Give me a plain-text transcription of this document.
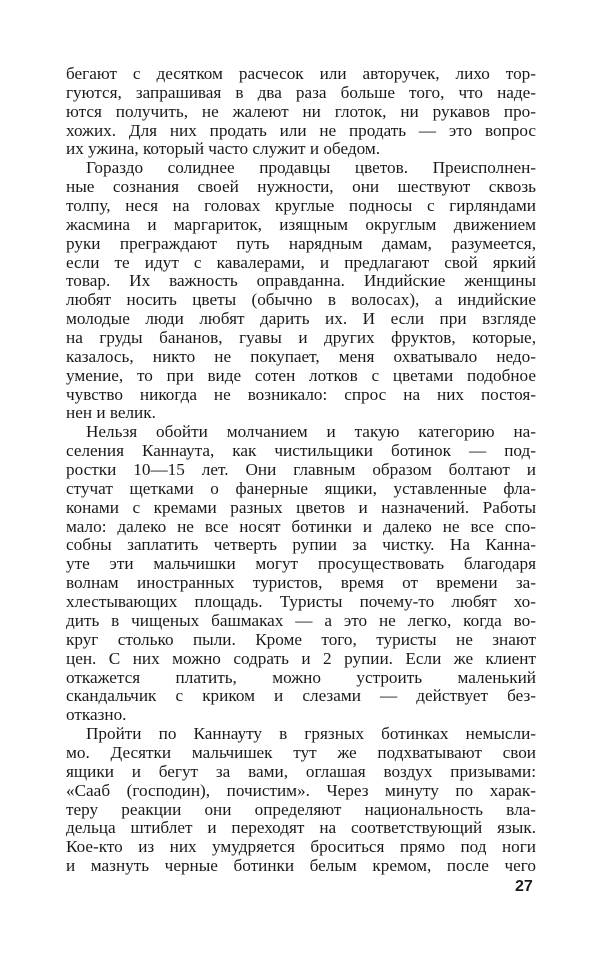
бегают с десятком расчесок или авторучек, лихо тор-
гуются, запрашивая в два раза больше того, что наде-
ются получить, не жалеют ни глоток, ни рукавов про-
хожих. Для них продать или не продать — это вопрос
их ужина, который часто служит и обедом.
Гораздо солиднее продавцы цветов. Преисполнен-
ные сознания своей нужности, они шествуют сквозь
толпу, неся на головах круглые подносы с гирляндами
жасмина и маргариток, изящным округлым движением
руки преграждают путь нарядным дамам, разумеется,
если те идут с кавалерами, и предлагают свой яркий
товар. Их важность оправданна. Индийские женщины
любят носить цветы (обычно в волосах), а индийские
молодые люди любят дарить их. И если при взгляде
на груды бананов, гуавы и других фруктов, которые,
казалось, никто не покупает, меня охватывало недо-
умение, то при виде сотен лотков с цветами подобное
чувство никогда не возникало: спрос на них постоя-
нен и велик.
Нельзя обойти молчанием и такую категорию на-
селения Каннаута, как чистильщики ботинок — под-
ростки 10—15 лет. Они главным образом болтают и
стучат щетками о фанерные ящики, уставленные фла-
конами с кремами разных цветов и назначений. Работы
мало: далеко не все носят ботинки и далеко не все спо-
собны заплатить четверть рупии за чистку. На Канна-
уте эти мальчишки могут просуществовать благодаря
волнам иностранных туристов, время от времени за-
хлестывающих площадь. Туристы почему-то любят хо-
дить в чищеных башмаках — а это не легко, когда во-
круг столько пыли. Кроме того, туристы не знают
цен. С них можно содрать и 2 рупии. Если же клиент
откажется платить, можно устроить маленький
скандальчик с криком и слезами — действует без-
отказно.
Пройти по Каннауту в грязных ботинках немысли-
мо. Десятки мальчишек тут же подхватывают свои
ящики и бегут за вами, оглашая воздух призывами:
«Сааб (господин), почистим». Через минуту по харак-
теру реакции они определяют национальность вла-
дельца штиблет и переходят на соответствующий язык.
Кое-кто из них умудряется броситься прямо под ноги
и мазнуть черные ботинки белым кремом, после чего
27
